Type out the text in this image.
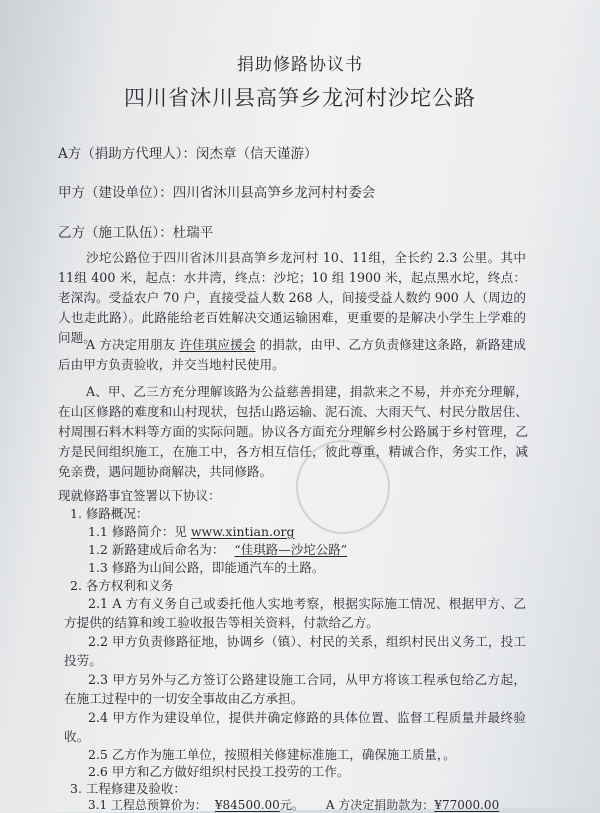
捐助修路协议书
四川省沐川县高笋乡龙河村沙坨公路
A方（捐助方代理人）：闵杰章（信天谨游）
甲方（建设单位）：四川省沐川县高笋乡龙河村村委会
乙方（施工队伍）：杜瑞平
沙坨公路位于四川省沐川县高笋乡龙河村 10、11组，全长约 2.3 公里。其中11组 400 米，起点：水井湾，终点：沙坨；10 组 1900 米，起点黑水坨，终点：老深沟。受益农户 70 户，直接受益人数 268 人，间接受益人数约 900 人（周边的人也走此路）。此路能给老百姓解决交通运输困难，更重要的是解决小学生上学难的问题。
A 方决定用朋友 许佳琪应援会 的捐款，由甲、乙方负责修建这条路，新路建成后由甲方负责验收，并交当地村民使用。
A、甲、乙三方充分理解该路为公益慈善捐建，捐款来之不易，并亦充分理解，在山区修路的难度和山村现状，包括山路运输、泥石流、大雨天气、村民分散居住、村周围石料木料等方面的实际问题。协议各方面充分理解乡村公路属于乡村管理，乙方是民间组织施工，在施工中，各方相互信任，彼此尊重，精诚合作，务实工作，减免亲费，遇问题协商解决，共同修路。
现就修路事宜签署以下协议：
1. 修路概况：
1.1 修路简介：见 www.xintian.org
1.2 新路建成后命名为： “佳琪路—沙坨公路”
1.3 修路为山间公路，即能通汽车的土路。
2. 各方权利和义务
2.1 A 方有义务自己或委托他人实地考察，根据实际施工情况、根据甲方、乙方提供的结算和竣工验收报告等相关资料，付款给乙方。
2.2 甲方负责修路征地，协调乡（镇）、村民的关系，组织村民出义务工，投工投劳。
2.3 甲方另外与乙方签订公路建设施工合同，从甲方将该工程承包给乙方起，在施工过程中的一切安全事故由乙方承担。
2.4 甲方作为建设单位，提供并确定修路的具体位置、监督工程质量并最终验收。
2.5 乙方作为施工单位，按照相关修建标准施工，确保施工质量，。
2.6 甲方和乙方做好组织村民投工投劳的工作。
3. 工程修建及验收：
3.1 工程总预算价为： ¥84500.00元。 A 方决定捐助款为：¥77000.00
